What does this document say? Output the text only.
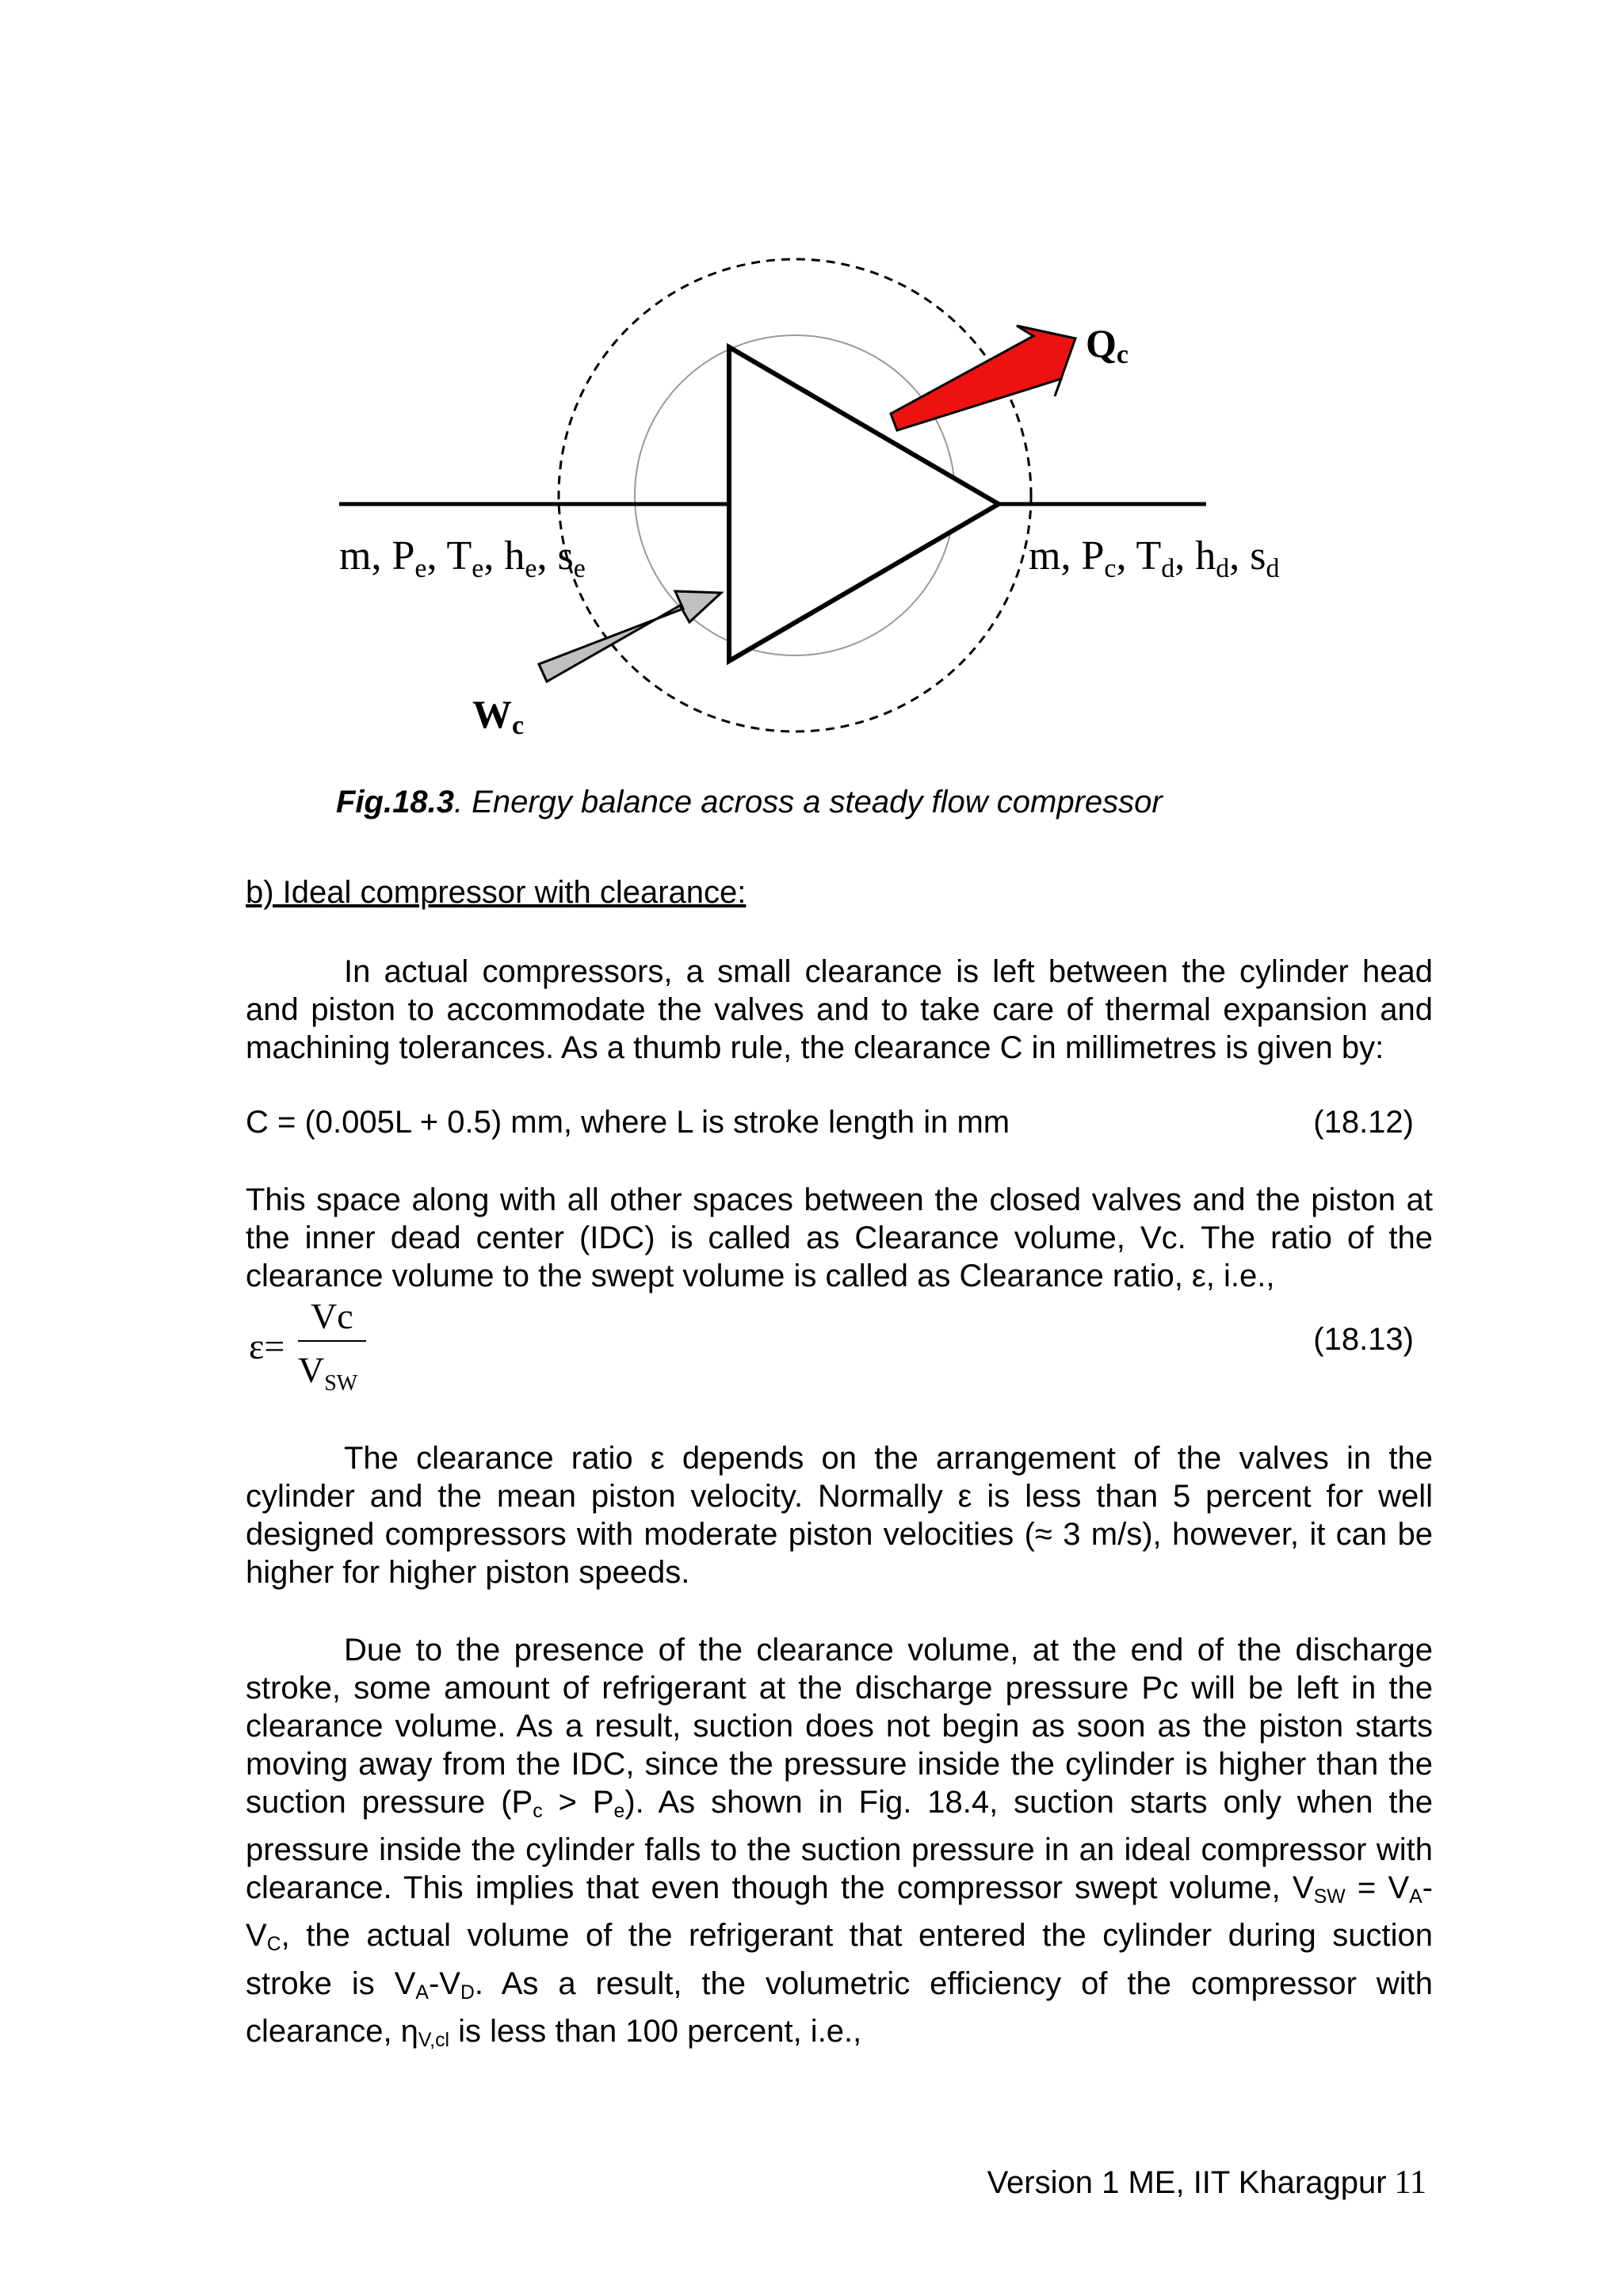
Qc
Wc
m, Pe, Te, he, se	m, Pc, Td, hd, sd
Fig.18.3. Energy balance across a steady flow compressor
b) Ideal compressor with clearance:

In actual compressors, a small clearance is left between the cylinder head and piston to accommodate the valves and to take care of thermal expansion and machining tolerances. As a thumb rule, the clearance C in millimetres is given by:

C = (0.005L + 0.5) mm, where L is stroke length in mm	(18.12)

This space along with all other spaces between the closed valves and the piston at the inner dead center (IDC) is called as Clearance volume, Vc. The ratio of the clearance volume to the swept volume is called as Clearance ratio, ε, i.e.,

ε=
Vc
$V_{SW}$
(18.13)

The clearance ratio ε depends on the arrangement of the valves in the cylinder and the mean piston velocity. Normally ε is less than 5 percent for well designed compressors with moderate piston velocities (≈ 3 m/s), however, it can be higher for higher piston speeds.

Due to the presence of the clearance volume, at the end of the discharge stroke, some amount of refrigerant at the discharge pressure Pc will be left in the clearance volume. As a result, suction does not begin as soon as the piston starts moving away from the IDC, since the pressure inside the cylinder is higher than the suction pressure $(P_c > P_e)$. As shown in Fig. 18.4, suction starts only when the pressure inside the cylinder falls to the suction pressure in an ideal compressor with clearance. This implies that even though the compressor swept volume, $V_{SW} = V_A-V_C$, the actual volume of the refrigerant that entered the cylinder during suction stroke is $V_A-V_D$. As a result, the volumetric efficiency of the compressor with clearance, $\eta_{V,cl}$ is less than 100 percent, i.e.,

Version 1 ME, IIT Kharagpur 11
